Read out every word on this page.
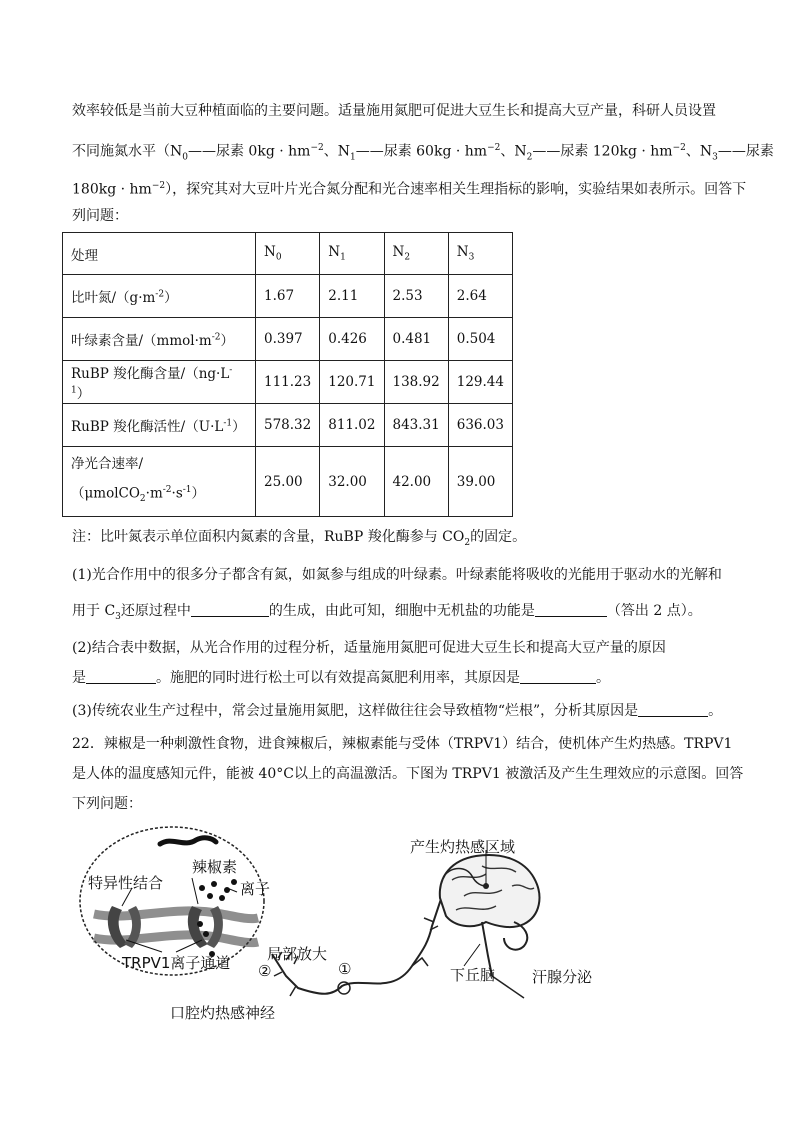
效率较低是当前大豆种植面临的主要问题。适量施用氮肥可促进大豆生长和提高大豆产量，科研人员设置
不同施氮水平（$N_0——$尿素 $0kg \cdot hm^{-2}$、$N_1——$尿素 $60kg \cdot hm^{-2}$、$N_2——$尿素 $120kg \cdot hm^{-2}$、$N_3——$尿素
$180kg \cdot hm^{-2}$），探究其对大豆叶片光合氮分配和光合速率相关生理指标的影响，实验结果如表所示。回答下
列问题：
处理	$N_0$	$N_1$	$N_2$	$N_3$
比叶氮$/(g\cdot m^{-2})$	1.67	2.11	2.53	2.64
叶绿素含量$/(mmol\cdot m^{-2})$	0.397	0.426	0.481	0.504
RuBP 羧化酶含量$/(ng\cdot L^{-1})$	111.23	120.71	138.92	129.44
RuBP 羧化酶活性$/(U\cdot L^{-1})$	578.32	811.02	843.31	636.03
净光合速率/
$(\mu molCO_2\cdot m^{-2}\cdot s^{-1})$	25.00	32.00	42.00	39.00
注：比叶氮表示单位面积内氮素的含量，RuBP 羧化酶参与 $CO_2$的固定。
(1)光合作用中的很多分子都含有氮，如氮参与组成的叶绿素。叶绿素能将吸收的光能用于驱动水的光解和
用于 $C_3$还原过程中	的生成，由此可知，细胞中无机盐的功能是	（答出 2 点）。
(2)结合表中数据，从光合作用的过程分析，适量施用氮肥可促进大豆生长和提高大豆产量的原因
是	。施肥的同时进行松土可以有效提高氮肥利用率，其原因是	。
(3)传统农业生产过程中，常会过量施用氮肥，这样做往往会导致植物“烂根”，分析其原因是	。
22．辣椒是一种刺激性食物，进食辣椒后，辣椒素能与受体（TRPV1）结合，使机体产生灼热感。TRPV1
是人体的温度感知元件，能被 40°C以上的高温激活。下图为 TRPV1 被激活及产生生理效应的示意图。回答
下列问题：
辣椒素
特异性结合	离子
TRPV1离子通道 局部放大
②	①
口腔灼热感神经
产生灼热感区域
下丘脑 汗腺分泌
